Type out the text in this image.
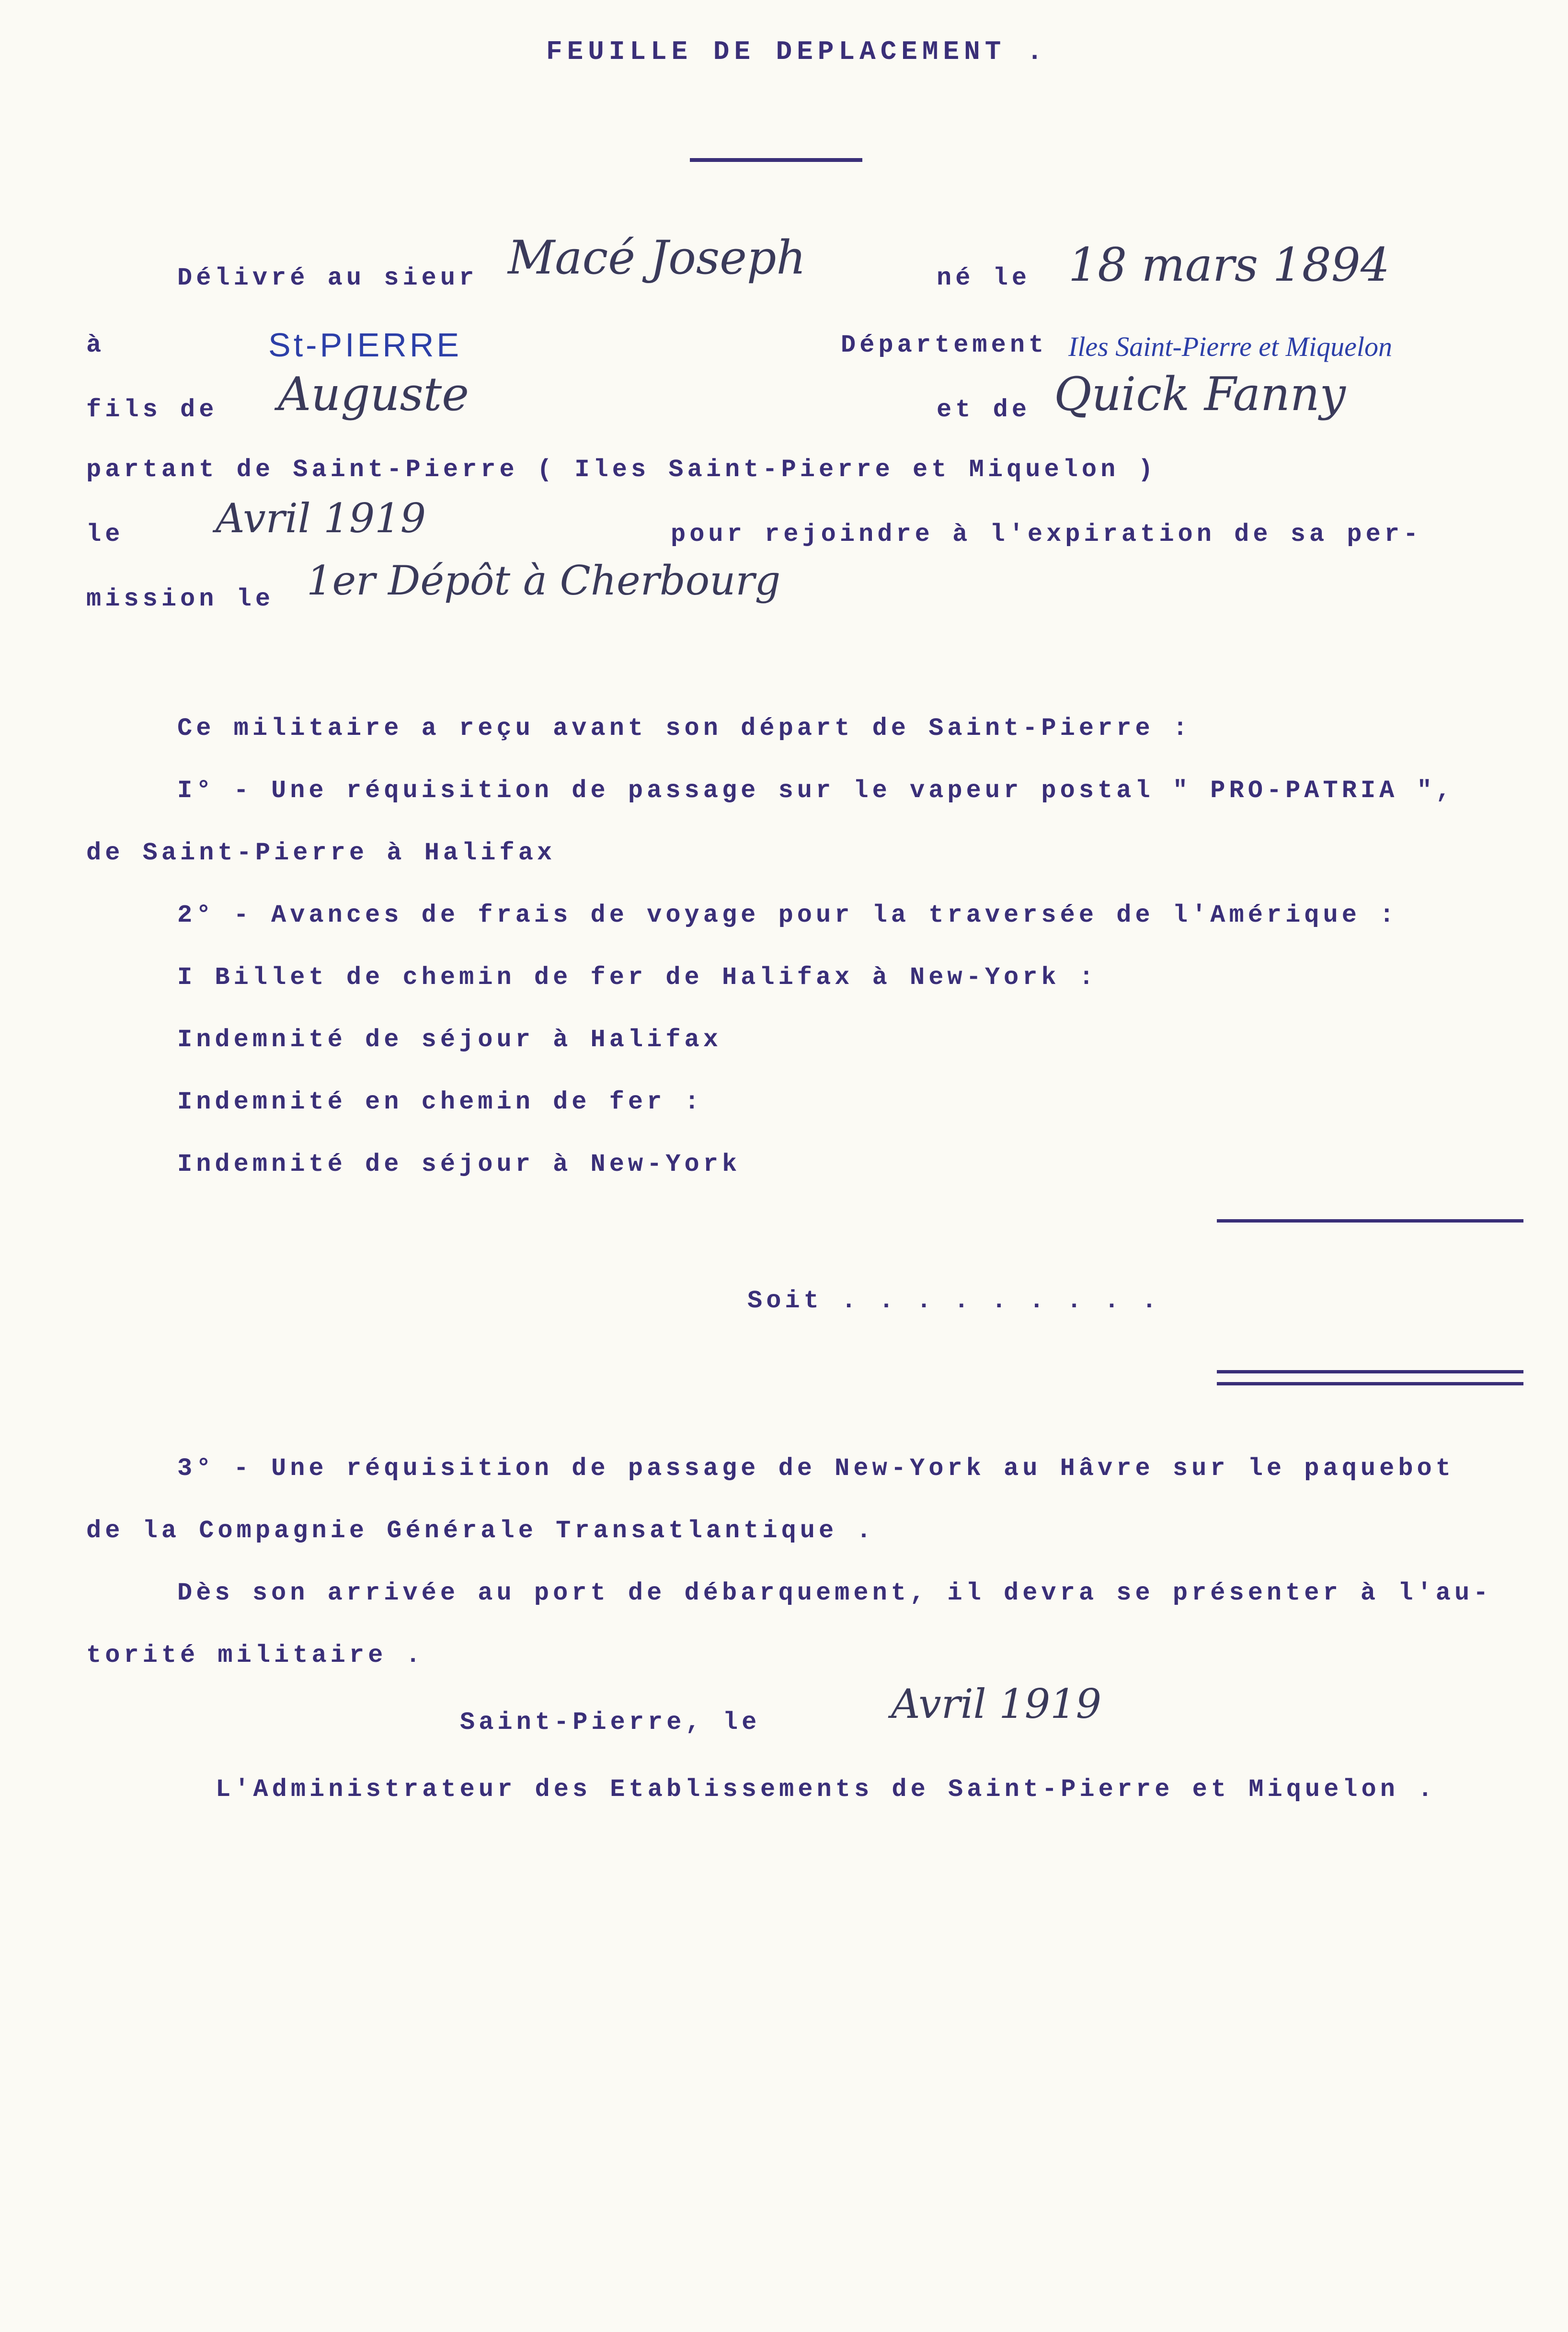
FEUILLE DE DEPLACEMENT .
Délivré au sieur Macé Joseph	né le 18 mars 1894
à	St-PIERRE	Département Iles Saint-Pierre et Miquelon
fils de Auguste	et de Quick Fanny
partant de Saint-Pierre ( Iles Saint-Pierre et Miquelon )
le Avril 1919	pour rejoindre à l'expiration de sa per-
mission le 1er Dépôt à Cherbourg
Ce militaire a reçu avant son départ de Saint-Pierre :
I° - Une réquisition de passage sur le vapeur postal " PRO-PATRIA ",
de Saint-Pierre à Halifax
2° - Avances de frais de voyage pour la traversée de l'Amérique :
I Billet de chemin de fer de Halifax à New-York :
Indemnité de séjour à Halifax
Indemnité en chemin de fer :
Indemnité de séjour à New-York
Soit . . . . . . . . .
3° - Une réquisition de passage de New-York au Hâvre sur le paquebot
de la Compagnie Générale Transatlantique .
Dès son arrivée au port de débarquement, il devra se présenter à l'au-
torité militaire .
Saint-Pierre, le	Avril 1919
L'Administrateur des Etablissements de Saint-Pierre et Miquelon .
